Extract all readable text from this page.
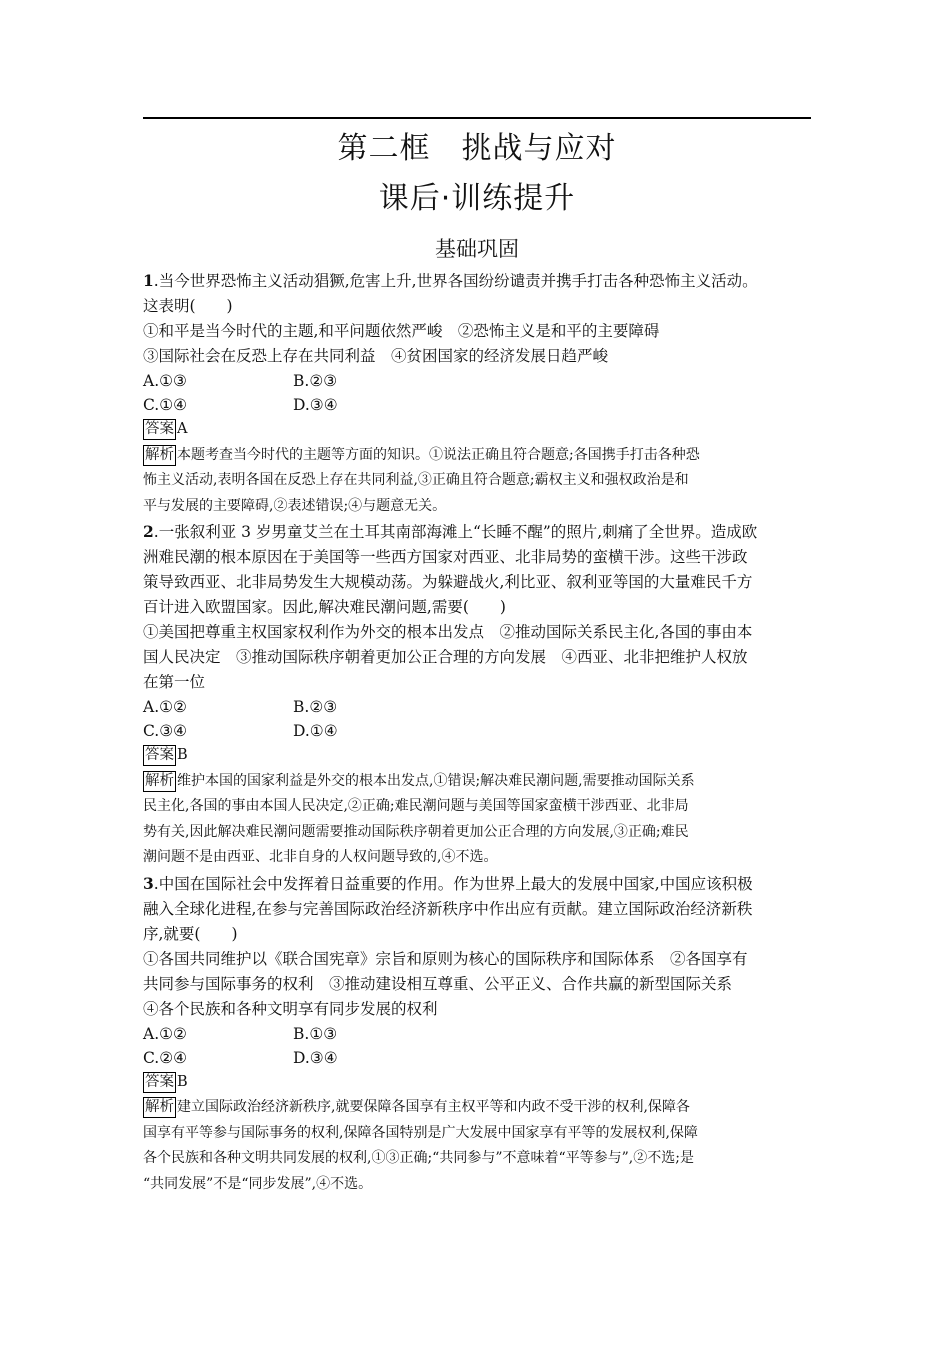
第二框　挑战与应对
课后·训练提升
基础巩固
1.当今世界恐怖主义活动猖獗,危害上升,世界各国纷纷谴责并携手打击各种恐怖主义活动。
这表明(　　)
①和平是当今时代的主题,和平问题依然严峻　②恐怖主义是和平的主要障碍
③国际社会在反恐上存在共同利益　④贫困国家的经济发展日趋严峻
A.①③	B.②③
C.①④	D.③④
答案 A
解析 本题考查当今时代的主题等方面的知识。①说法正确且符合题意;各国携手打击各种恐
怖主义活动,表明各国在反恐上存在共同利益,③正确且符合题意;霸权主义和强权政治是和
平与发展的主要障碍,②表述错误;④与题意无关。
2.一张叙利亚 3 岁男童艾兰在土耳其南部海滩上“长睡不醒”的照片,刺痛了全世界。造成欧
洲难民潮的根本原因在于美国等一些西方国家对西亚、北非局势的蛮横干涉。这些干涉政
策导致西亚、北非局势发生大规模动荡。为躲避战火,利比亚、叙利亚等国的大量难民千方
百计进入欧盟国家。因此,解决难民潮问题,需要(　　)
①美国把尊重主权国家权利作为外交的根本出发点　②推动国际关系民主化,各国的事由本
国人民决定　③推动国际秩序朝着更加公正合理的方向发展　④西亚、北非把维护人权放
在第一位
A.①②	B.②③
C.③④	D.①④
答案 B
解析 维护本国的国家利益是外交的根本出发点,①错误;解决难民潮问题,需要推动国际关系
民主化,各国的事由本国人民决定,②正确;难民潮问题与美国等国家蛮横干涉西亚、北非局
势有关,因此解决难民潮问题需要推动国际秩序朝着更加公正合理的方向发展,③正确;难民
潮问题不是由西亚、北非自身的人权问题导致的,④不选。
3.中国在国际社会中发挥着日益重要的作用。作为世界上最大的发展中国家,中国应该积极
融入全球化进程,在参与完善国际政治经济新秩序中作出应有贡献。建立国际政治经济新秩
序,就要(　　)
①各国共同维护以《联合国宪章》宗旨和原则为核心的国际秩序和国际体系　②各国享有
共同参与国际事务的权利　③推动建设相互尊重、公平正义、合作共赢的新型国际关系
④各个民族和各种文明享有同步发展的权利
A.①②	B.①③
C.②④	D.③④
答案 B
解析 建立国际政治经济新秩序,就要保障各国享有主权平等和内政不受干涉的权利,保障各
国享有平等参与国际事务的权利,保障各国特别是广大发展中国家享有平等的发展权利,保障
各个民族和各种文明共同发展的权利,①③正确;“共同参与”不意味着“平等参与”,②不选;是
“共同发展”不是“同步发展”,④不选。
